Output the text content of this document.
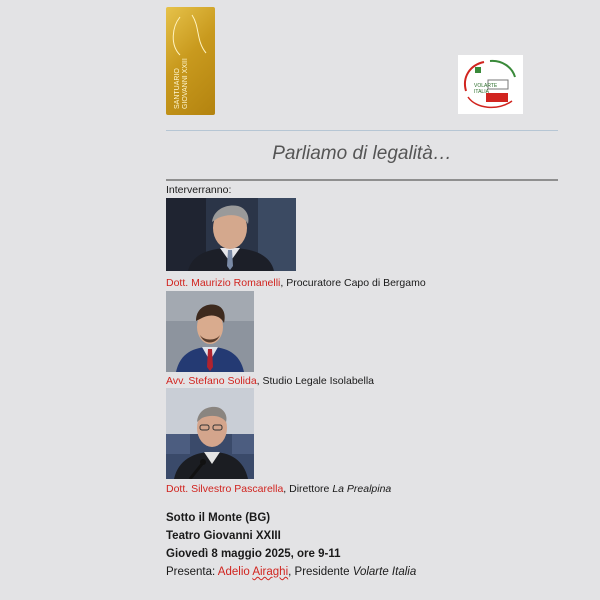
SANTUARIO GIOVANNI XXIII	VOLARTE
ITALIA
Parliamo di legalità…
Interverranno:
Dott. Maurizio Romanelli, Procuratore Capo di Bergamo
Avv. Stefano Solida, Studio Legale Isolabella
Dott. Silvestro Pascarella, Direttore La Prealpina
Sotto il Monte (BG)
Teatro Giovanni XXIII
Giovedì 8 maggio 2025, ore 9-11
Presenta: Adelio Airaghi, Presidente Volarte Italia
